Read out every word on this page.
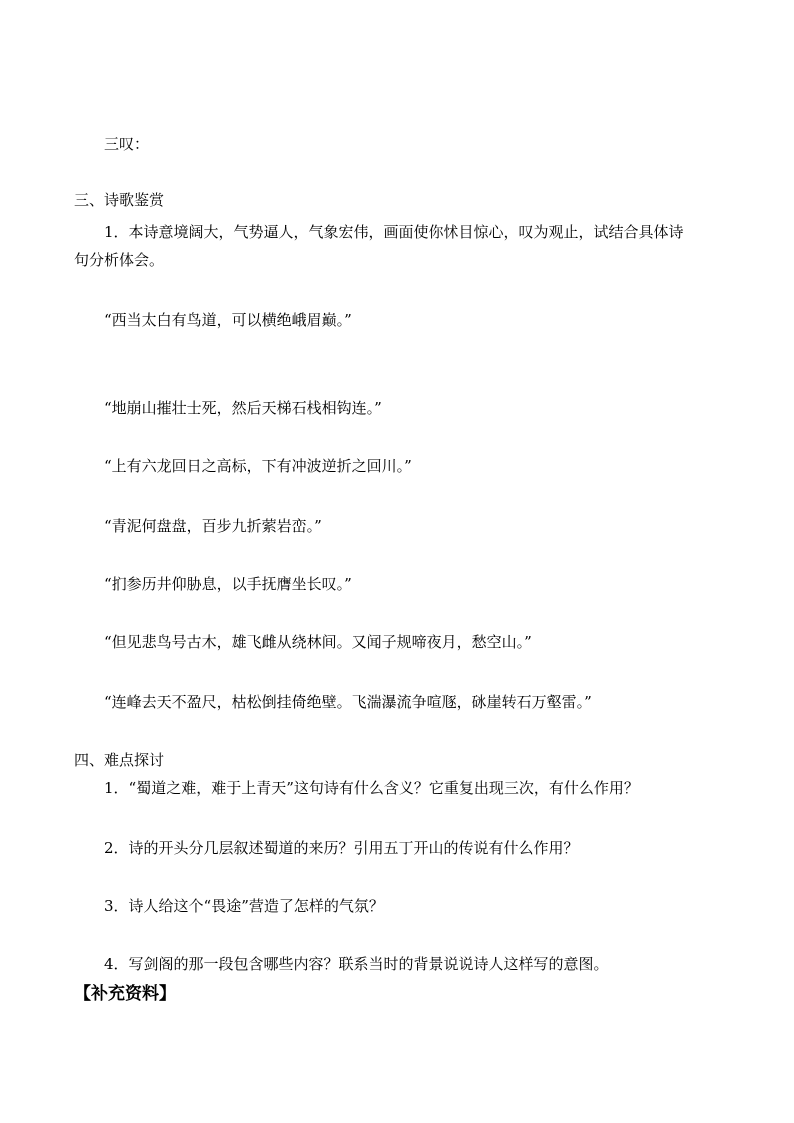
三叹：
三、诗歌鉴赏
1．本诗意境阔大，气势逼人，气象宏伟，画面使你怵目惊心，叹为观止，试结合具体诗
句分析体会。
“西当太白有鸟道，可以横绝峨眉巅。”
“地崩山摧壮士死，然后天梯石栈相钩连。”
“上有六龙回日之高标，下有冲波逆折之回川。”
“青泥何盘盘，百步九折萦岩峦。”
“扪参历井仰胁息，以手抚膺坐长叹。”
“但见悲鸟号古木，雄飞雌从绕林间。又闻子规啼夜月，愁空山。”
“连峰去天不盈尺，枯松倒挂倚绝壁。飞湍瀑流争喧豗，砯崖转石万壑雷。”
四、难点探讨
1．“蜀道之难，难于上青天”这句诗有什么含义？它重复出现三次，有什么作用？
2．诗的开头分几层叙述蜀道的来历？引用五丁开山的传说有什么作用？
3．诗人给这个“畏途”营造了怎样的气氛？
4．写剑阁的那一段包含哪些内容？联系当时的背景说说诗人这样写的意图。
【补充资料】
